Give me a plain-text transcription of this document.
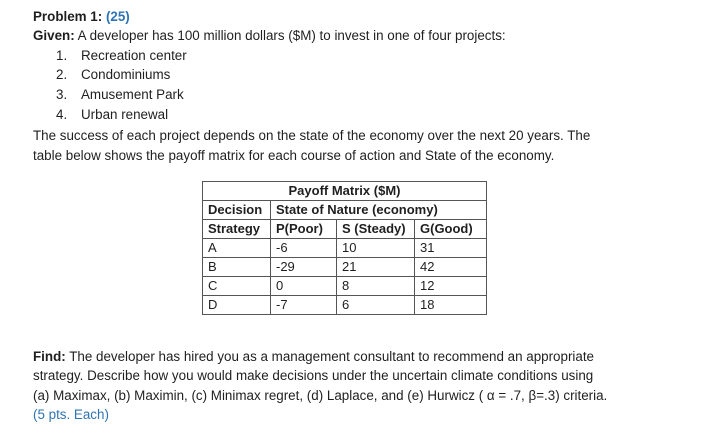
Problem 1: (25)
Given: A developer has 100 million dollars ($M) to invest in one of four projects:
1. Recreation center
2. Condominiums
3. Amusement Park
4. Urban renewal
The success of each project depends on the state of the economy over the next 20 years. The
table below shows the payoff matrix for each course of action and State of the economy.
Payoff Matrix ($M)			
Decision	State of Nature (economy)		
Strategy	P(Poor)	S (Steady)	G(Good)
A	-6	10	31
B	-29	21	42
C	0	8	12
D	-7	6	18
Find: The developer has hired you as a management consultant to recommend an appropriate
strategy. Describe how you would make decisions under the uncertain climate conditions using
(a) Maximax, (b) Maximin, (c) Minimax regret, (d) Laplace, and (e) Hurwicz ( α = .7, β=.3) criteria.
(5 pts. Each)
